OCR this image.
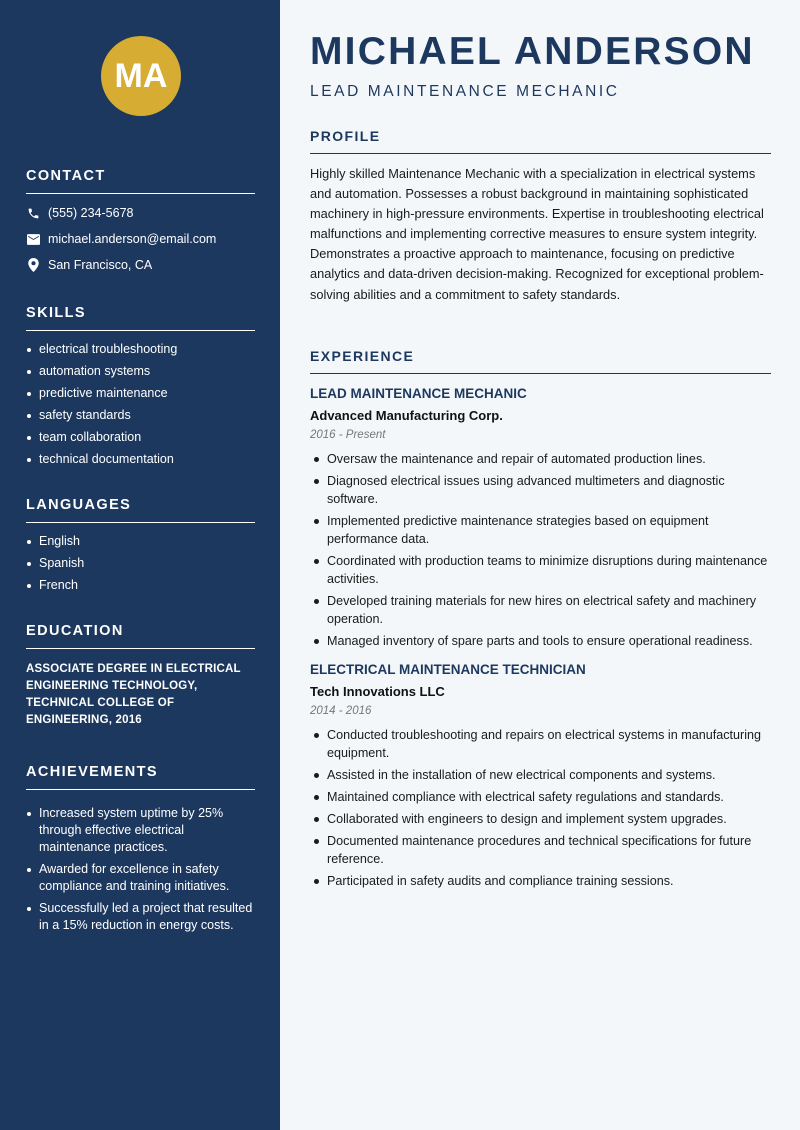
MA
CONTACT
(555) 234-5678
michael.anderson@email.com
San Francisco, CA
SKILLS
electrical troubleshooting
automation systems
predictive maintenance
safety standards
team collaboration
technical documentation
LANGUAGES
English
Spanish
French
EDUCATION

ASSOCIATE DEGREE IN ELECTRICAL ENGINEERING TECHNOLOGY, TECHNICAL COLLEGE OF ENGINEERING, 2016

ACHIEVEMENTS
Increased system uptime by 25% through effective electrical maintenance practices.
Awarded for excellence in safety compliance and training initiatives.
Successfully led a project that resulted in a 15% reduction in energy costs.
MICHAEL ANDERSON
LEAD MAINTENANCE MECHANIC
PROFILE

Highly skilled Maintenance Mechanic with a specialization in electrical systems and automation. Possesses a robust background in maintaining sophisticated machinery in high-pressure environments. Expertise in troubleshooting electrical malfunctions and implementing corrective measures to ensure system integrity. Demonstrates a proactive approach to maintenance, focusing on predictive analytics and data-driven decision-making. Recognized for exceptional problem-solving abilities and a commitment to safety standards.

EXPERIENCE
LEAD MAINTENANCE MECHANIC
Advanced Manufacturing Corp.
2016 - Present
Oversaw the maintenance and repair of automated production lines.
Diagnosed electrical issues using advanced multimeters and diagnostic software.
Implemented predictive maintenance strategies based on equipment performance data.
Coordinated with production teams to minimize disruptions during maintenance activities.
Developed training materials for new hires on electrical safety and machinery operation.
Managed inventory of spare parts and tools to ensure operational readiness.
ELECTRICAL MAINTENANCE TECHNICIAN
Tech Innovations LLC
2014 - 2016
Conducted troubleshooting and repairs on electrical systems in manufacturing equipment.
Assisted in the installation of new electrical components and systems.
Maintained compliance with electrical safety regulations and standards.
Collaborated with engineers to design and implement system upgrades.
Documented maintenance procedures and technical specifications for future reference.
Participated in safety audits and compliance training sessions.
